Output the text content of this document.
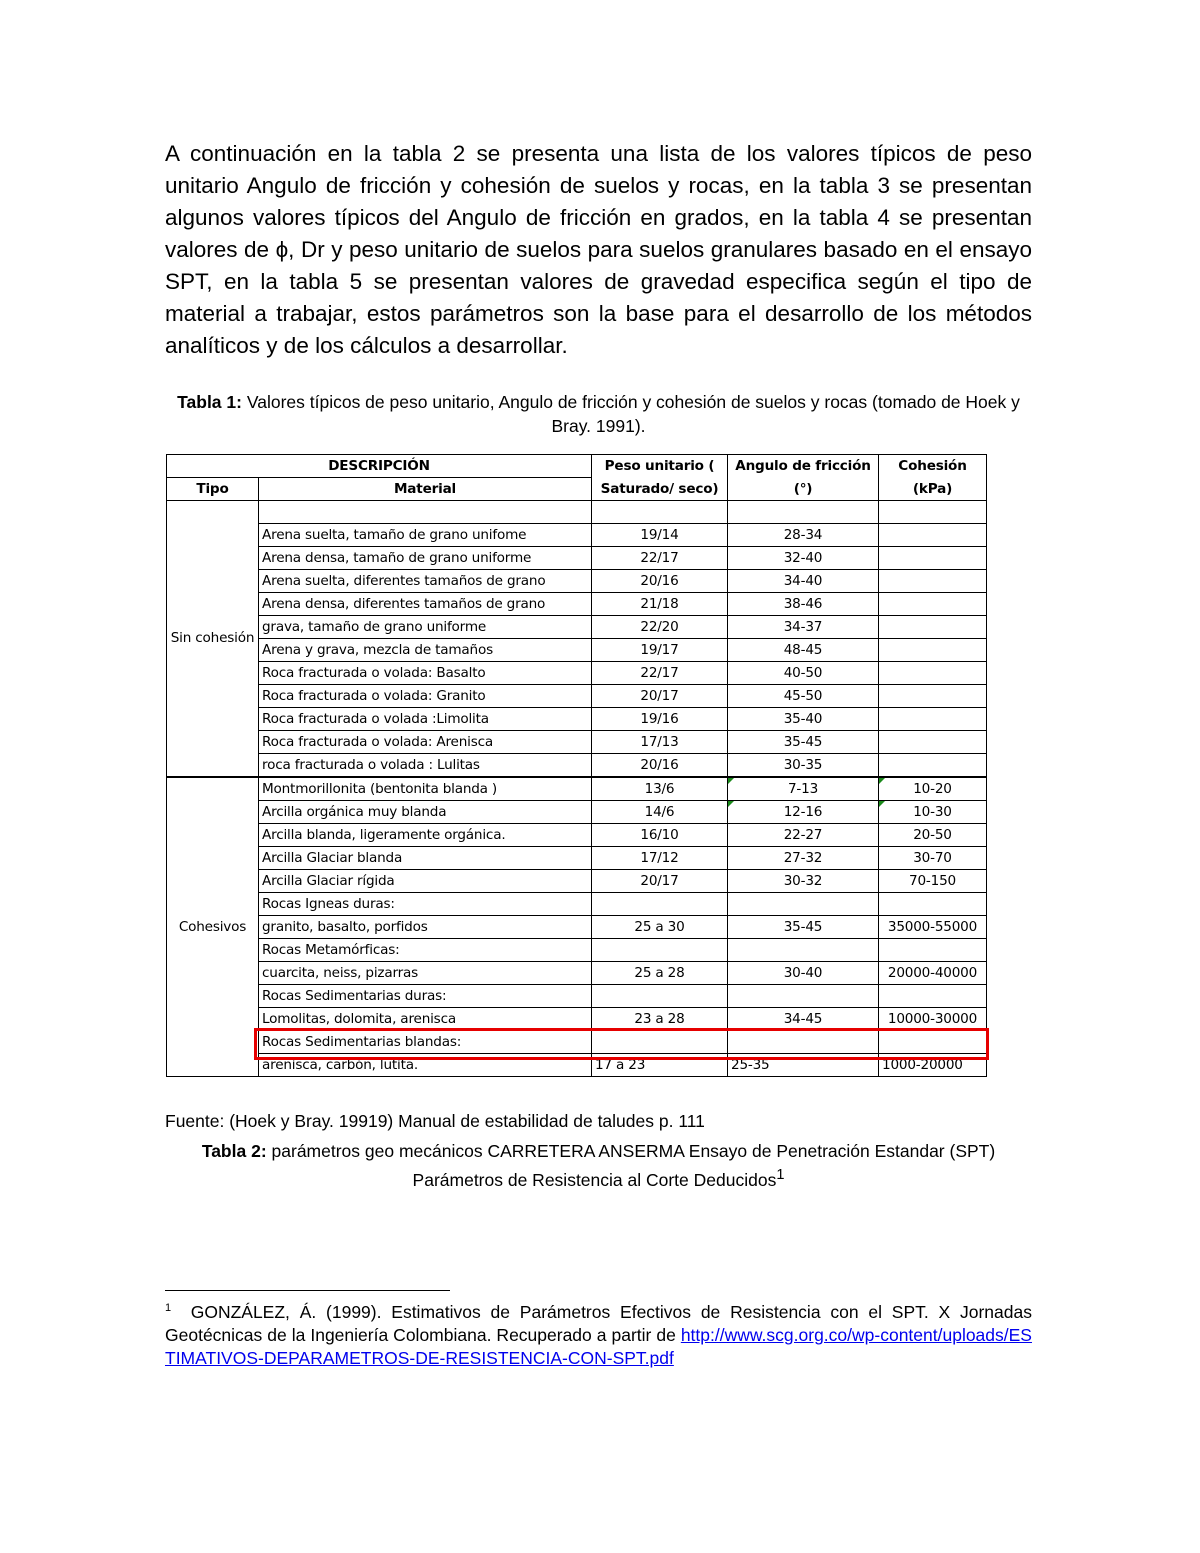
A continuación en la tabla 2 se presenta una lista de los valores típicos de peso unitario Angulo de fricción y cohesión de suelos y rocas, en la tabla 3 se presentan algunos valores típicos del Angulo de fricción en grados, en la tabla 4 se presentan valores de ϕ, Dr y peso unitario de suelos para suelos granulares basado en el ensayo SPT, en la tabla 5 se presentan valores de gravedad especifica según el tipo de material a trabajar, estos parámetros son la base para el desarrollo de los métodos analíticos y de los cálculos a desarrollar.

Tabla 1: Valores típicos de peso unitario, Angulo de fricción y cohesión de suelos y rocas (tomado de Hoek y Bray. 1991).

DESCRIPCIÓN		Peso unitario (	Angulo de fricción	Cohesión
Tipo	Material	Saturado/ seco)	(°)	(kPa)
Sin cohesión				
	Arena suelta, tamaño de grano unifome	19/14	28-34	
	Arena densa, tamaño de grano uniforme	22/17	32-40	
	Arena suelta, diferentes tamaños de grano	20/16	34-40	
	Arena densa, diferentes tamaños de grano	21/18	38-46	
	grava, tamaño de grano uniforme	22/20	34-37	
	Arena y grava, mezcla de tamaños	19/17	48-45	
	Roca fracturada o volada: Basalto	22/17	40-50	
	Roca fracturada o volada: Granito	20/17	45-50	
	Roca fracturada o volada :Limolita	19/16	35-40	
	Roca fracturada o volada: Arenisca	17/13	35-45	
	roca fracturada o volada : Lulitas	20/16	30-35	
Cohesivos	Montmorillonita (bentonita blanda )	13/6	7-13	10-20
	Arcilla orgánica muy blanda	14/6	12-16	10-30
	Arcilla blanda, ligeramente orgánica.	16/10	22-27	20-50
	Arcilla Glaciar blanda	17/12	27-32	30-70
	Arcilla Glaciar rígida	20/17	30-32	70-150
	Rocas Igneas duras:			
	granito, basalto, porfidos	25 a 30	35-45	35000-55000
	Rocas Metamórficas:			
	cuarcita, neiss, pizarras	25 a 28	30-40	20000-40000
	Rocas Sedimentarias duras:			
	Lomolitas, dolomita, arenisca	23 a 28	34-45	10000-30000
	Rocas Sedimentarias blandas:			
	arenisca, carbón, lutita.	17 a 23	25-35	1000-20000

Fuente: (Hoek y Bray. 19919) Manual de estabilidad de taludes p. 111

Tabla 2: parámetros geo mecánicos CARRETERA ANSERMA Ensayo de Penetración Estandar (SPT) Parámetros de Resistencia al Corte Deducidos$^1$

$^1$ GONZÁLEZ, Á. (1999). Estimativos de Parámetros Efectivos de Resistencia con el SPT. X Jornadas Geotécnicas de la Ingeniería Colombiana. Recuperado a partir de http://www.scg.org.co/wp-content/uploads/ESTIMATIVOS-DEPARAMETROS-DE-RESISTENCIA-CON-SPT.pdf
